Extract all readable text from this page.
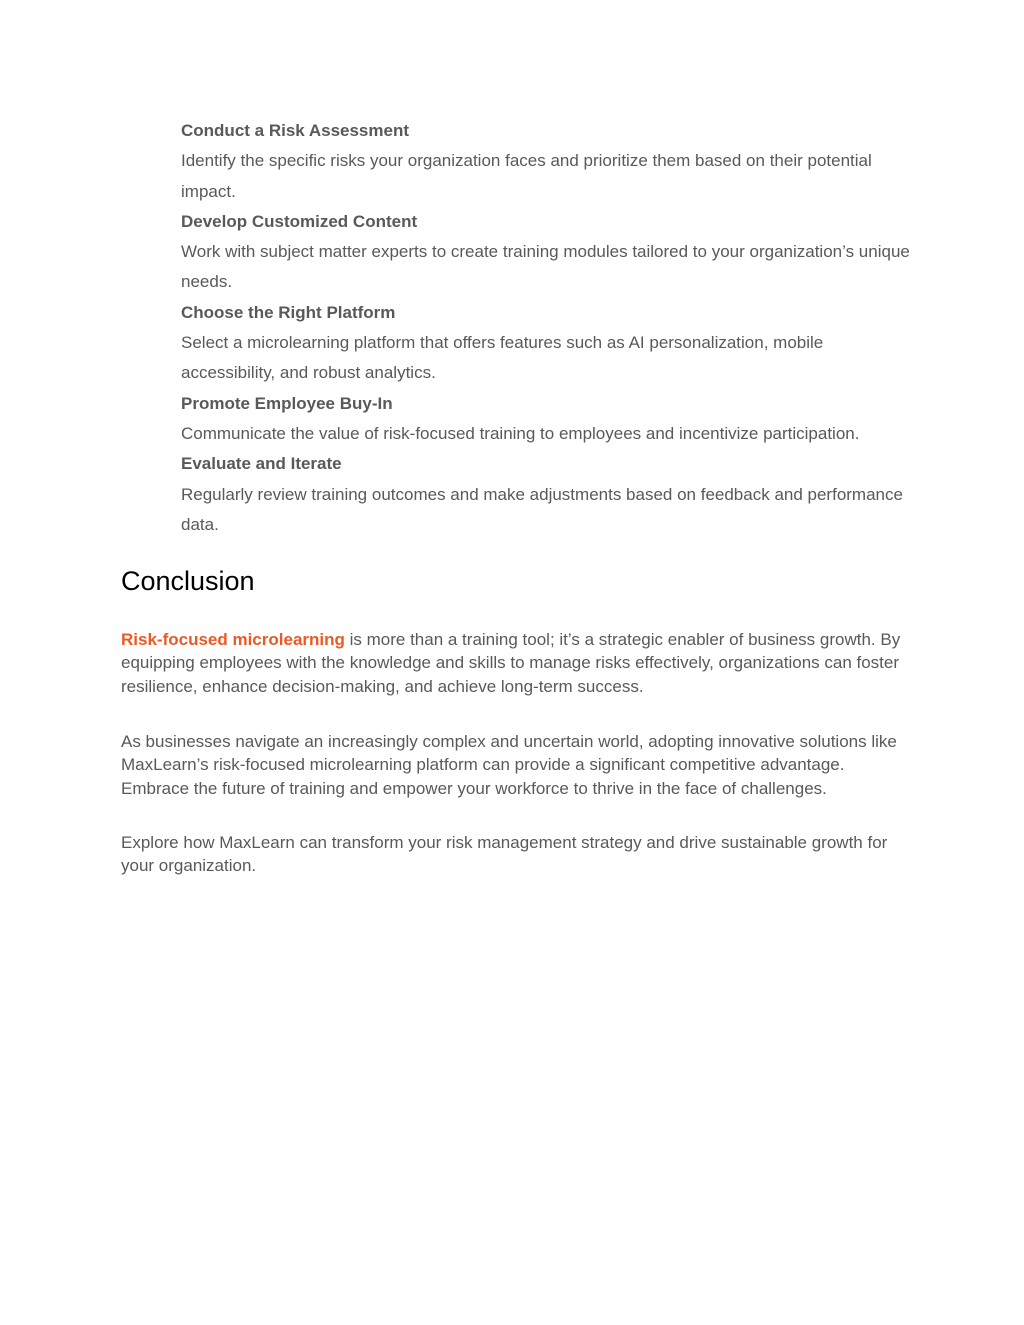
Conduct a Risk Assessment

Identify the specific risks your organization faces and prioritize them based on their potential impact.

Develop Customized Content

Work with subject matter experts to create training modules tailored to your organization’s unique needs.

Choose the Right Platform

Select a microlearning platform that offers features such as AI personalization, mobile accessibility, and robust analytics.

Promote Employee Buy-In

Communicate the value of risk-focused training to employees and incentivize participation.

Evaluate and Iterate

Regularly review training outcomes and make adjustments based on feedback and performance data.

Conclusion

Risk-focused microlearning is more than a training tool; it’s a strategic enabler of business growth. By equipping employees with the knowledge and skills to manage risks effectively, organizations can foster resilience, enhance decision-making, and achieve long-term success.

As businesses navigate an increasingly complex and uncertain world, adopting innovative solutions like MaxLearn’s risk-focused microlearning platform can provide a significant competitive advantage. Embrace the future of training and empower your workforce to thrive in the face of challenges.

Explore how MaxLearn can transform your risk management strategy and drive sustainable growth for your organization.
